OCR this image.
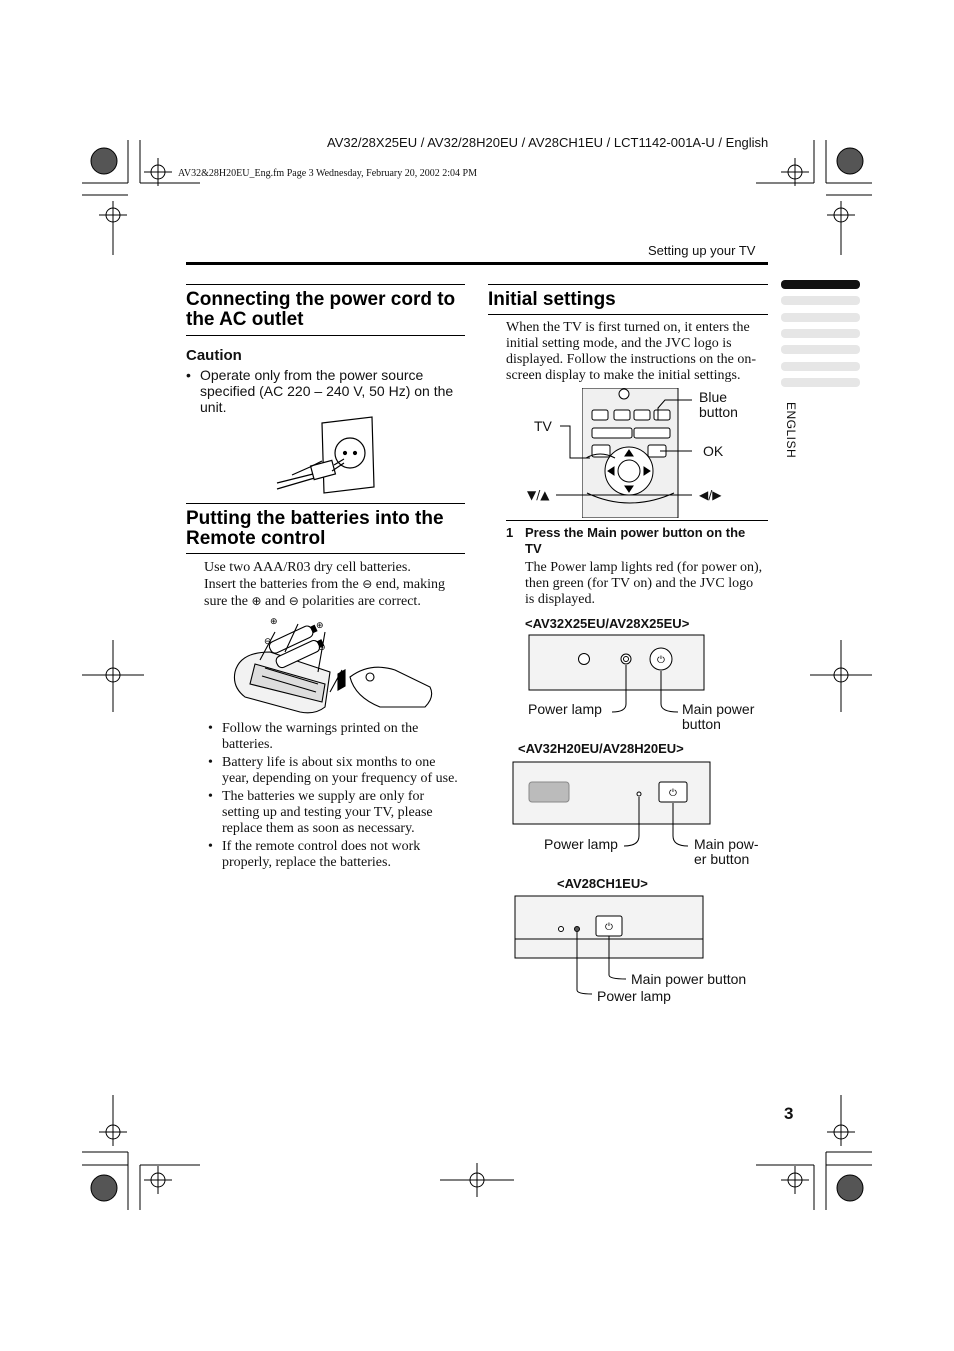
AV32/28X25EU / AV32/28H20EU / AV28CH1EU / LCT1142-001A-U / English
AV32&28H20EU_Eng.fm Page 3 Wednesday, February 20, 2002 2:04 PM
Setting up your TV
ENGLISH
Connecting the power cord to
the AC outlet
Caution
• Operate only from the power source
specified (AC 220 – 240 V, 50 Hz) on the
unit.
Putting the batteries into the
Remote control
Use two AAA/R03 dry cell batteries.
Insert the batteries from the ⊖ end, making
sure the ⊕ and ⊖ polarities are correct.
⊕	⊕
⊖
⊖
• Follow the warnings printed on the
batteries.
• Battery life is about six months to one
year, depending on your frequency of use.
• The batteries we supply are only for
setting up and testing your TV, please
replace them as soon as necessary.
• If the remote control does not work
properly, replace the batteries.
Initial settings
When the TV is first turned on, it enters the
initial setting mode, and the JVC logo is
displayed. Follow the instructions on the on-
screen display to make the initial settings.
TV
Blue
button
OK
▼/▲	◀/▶
1 Press the Main power button on the
TV
The Power lamp lights red (for power on),
then green (for TV on) and the JVC logo
is displayed.
<AV32X25EU/AV28X25EU>
⏻
Power lamp	Main power
button
<AV32H20EU/AV28H20EU>
⏻
Power lamp	Main pow-
er button
<AV28CH1EU>
⏻
Main power button
Power lamp
3
